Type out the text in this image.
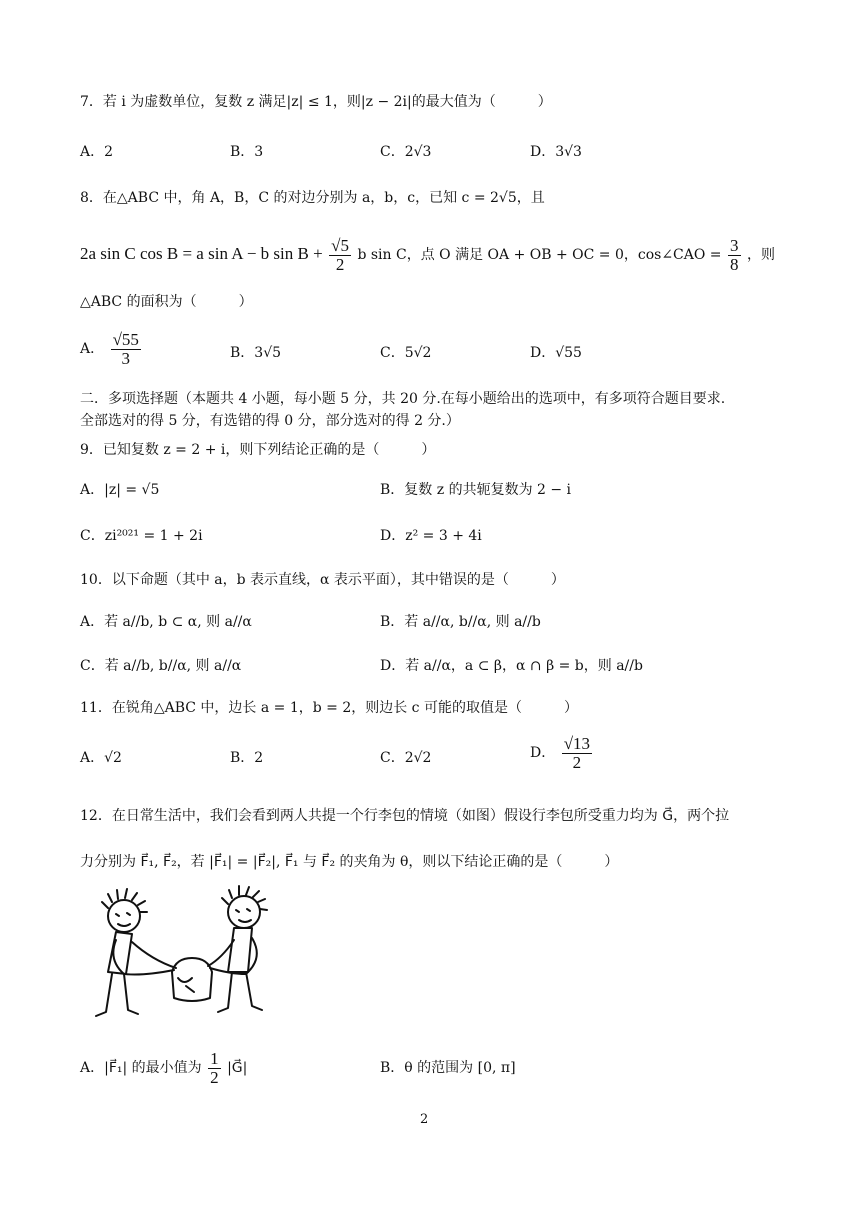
7．若 i 为虚数单位，复数 z 满足|z| ≤ 1，则|z − 2i|的最大值为（　　　）
A．2	B．3	C．2√3	D．3√3
8．在△ABC 中，角 A，B，C 的对边分别为 a，b，c，已知 c = 2√5，且
2a sin C cos B = a sin A − b $\sin B + \frac{√5}{2}$ b sin C，点 O 满足 OA + OB + OC = 0，cos∠CAO = $\frac{3}{8}$ ，则
△ABC 的面积为（　　　）
A． $\frac{√55}{3}$	B．3√5	C．5√2	D．√55
二．多项选择题（本题共 4 小题，每小题 5 分，共 20 分.在每小题给出的选项中，有多项符合题目要求.
全部选对的得 5 分，有选错的得 0 分，部分选对的得 2 分.）
9．已知复数 z = 2 + i，则下列结论正确的是（　　　）
A．|z| = √5	B．复数 z 的共轭复数为 2 − i
C．zi²⁰²¹ = 1 + 2i	D．z² = 3 + 4i
10．以下命题（其中 a，b 表示直线，α 表示平面），其中错误的是（　　　）
A．若 a//b, b ⊂ α, 则 a//α	B．若 a//α, b//α, 则 a//b
C．若 a//b, b//α, 则 a//α	D．若 a//α，a ⊂ β，α ∩ β = b，则 a//b
11．在锐角△ABC 中，边长 a = 1，b = 2，则边长 c 可能的取值是（　　　）
A．√2	B．2	C．2√2	D． $\frac{√13}{2}$
12．在日常生活中，我们会看到两人共提一个行李包的情境（如图）假设行李包所受重力均为 G⃗，两个拉
力分别为 F⃗₁, F⃗₂，若 |F⃗₁| = |F⃗₂|, F⃗₁ 与 F⃗₂ 的夹角为 θ，则以下结论正确的是（　　　）
A．|F⃗₁| 的最小值为 $\frac{1}{2}$ |G⃗|	B．θ 的范围为 [0, π]
2
